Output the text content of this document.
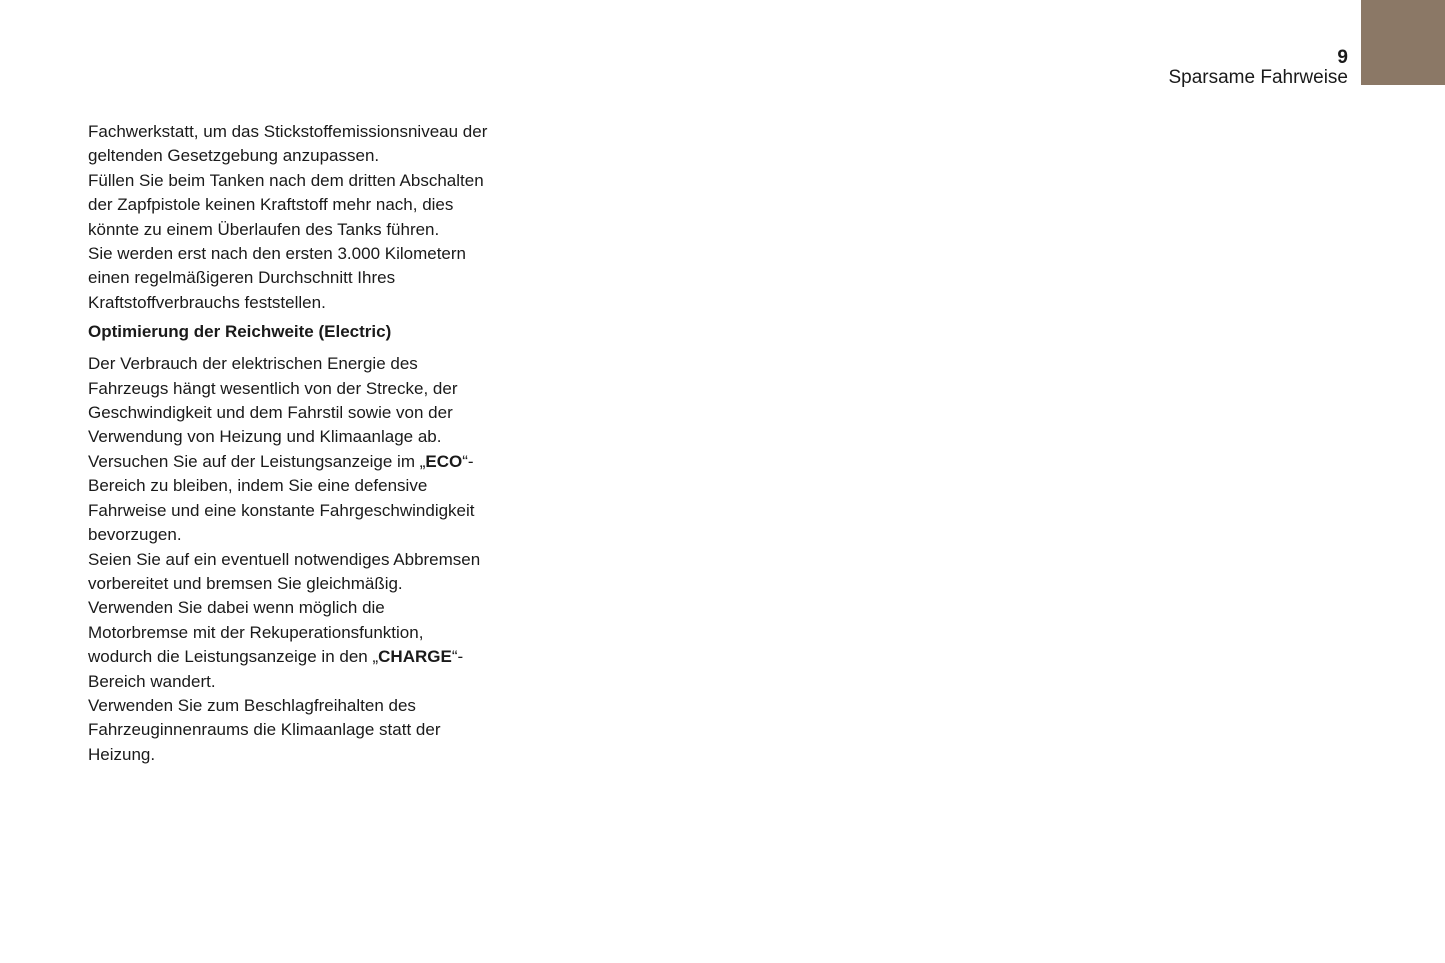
9
Sparsame Fahrweise

Fachwerkstatt, um das Stickstoffemissionsniveau der geltenden Gesetzgebung anzupassen.

Füllen Sie beim Tanken nach dem dritten Abschalten der Zapfpistole keinen Kraftstoff mehr nach, dies könnte zu einem Überlaufen des Tanks führen.

Sie werden erst nach den ersten 3.000 Kilometern einen regelmäßigeren Durchschnitt Ihres Kraftstoffverbrauchs feststellen.

Optimierung der Reichweite (Electric)

Der Verbrauch der elektrischen Energie des Fahrzeugs hängt wesentlich von der Strecke, der Geschwindigkeit und dem Fahrstil sowie von der Verwendung von Heizung und Klimaanlage ab.

Versuchen Sie auf der Leistungsanzeige im „ECO“-Bereich zu bleiben, indem Sie eine defensive Fahrweise und eine konstante Fahrgeschwindigkeit bevorzugen.

Seien Sie auf ein eventuell notwendiges Abbremsen vorbereitet und bremsen Sie gleichmäßig.

Verwenden Sie dabei wenn möglich die Motorbremse mit der Rekuperationsfunktion, wodurch die Leistungsanzeige in den „CHARGE“-Bereich wandert.

Verwenden Sie zum Beschlagfreihalten des Fahrzeuginnenraums die Klimaanlage statt der Heizung.
